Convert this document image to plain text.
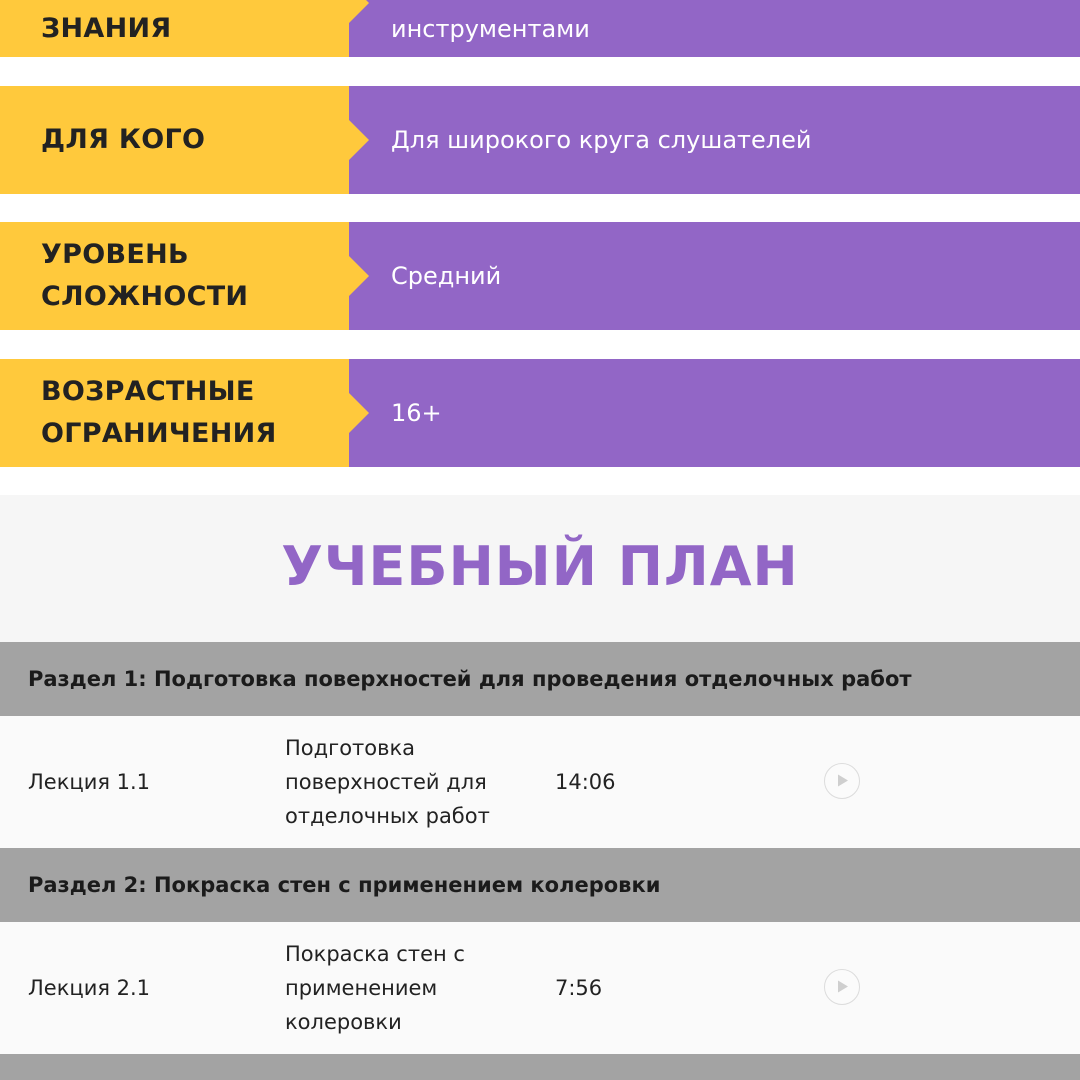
ЗНАНИЯ	инструментами
ДЛЯ КОГО	Для широкого круга слушателей
УРОВЕНЬ СЛОЖНОСТИ
Средний
ВОЗРАСТНЫЕ ОГРАНИЧЕНИЯ
16+
УЧЕБНЫЙ ПЛАН
Раздел 1: Подготовка поверхностей для проведения отделочных работ
Лекция 1.1
Подготовка поверхностей для отделочных работ
14:06
Раздел 2: Покраска стен с применением колеровки
Лекция 2.1
Покраска стен с применением колеровки
7:56
